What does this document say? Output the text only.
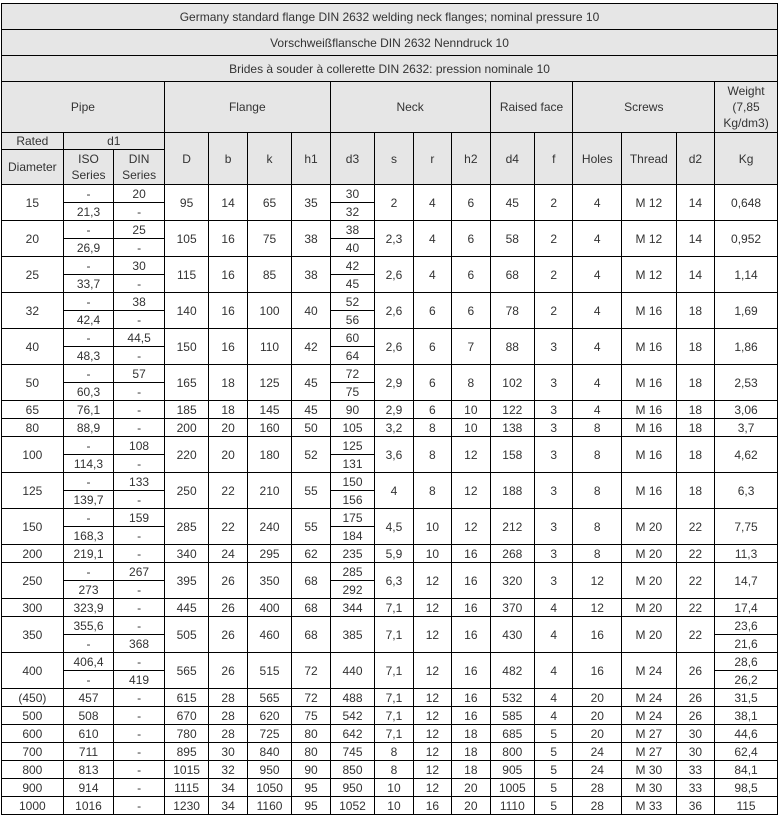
Germany standard flange DIN 2632 welding neck flanges; nominal pressure 10																
Vorschweißflansche DIN 2632 Nenndruck 10																
Brides à souder à collerette DIN 2632: pression nominale 10																
Pipe			Flange				Neck				Raised face		Screws			Weight (7,85 Kg/dm3)
Rated	d1		D	b	k	h1	d3	s	r	h2	d4	f	Holes	Thread	d2	Kg
Diameter	ISO Series	DIN Series														
15	-	20	95	14	65	35	30	2	4	6	45	2	4	M 12	14	0,648
	21,3	-					32									
20	-	25	105	16	75	38	38	2,3	4	6	58	2	4	M 12	14	0,952
	26,9	-					40									
25	-	30	115	16	85	38	42	2,6	4	6	68	2	4	M 12	14	1,14
	33,7	-					45									
32	-	38	140	16	100	40	52	2,6	6	6	78	2	4	M 16	18	1,69
	42,4	-					56									
40	-	44,5	150	16	110	42	60	2,6	6	7	88	3	4	M 16	18	1,86
	48,3	-					64									
50	-	57	165	18	125	45	72	2,9	6	8	102	3	4	M 16	18	2,53
	60,3	-					75									
65	76,1	-	185	18	145	45	90	2,9	6	10	122	3	4	M 16	18	3,06
80	88,9	-	200	20	160	50	105	3,2	8	10	138	3	8	M 16	18	3,7
100	-	108	220	20	180	52	125	3,6	8	12	158	3	8	M 16	18	4,62
	114,3	-					131									
125	-	133	250	22	210	55	150	4	8	12	188	3	8	M 16	18	6,3
	139,7	-					156									
150	-	159	285	22	240	55	175	4,5	10	12	212	3	8	M 20	22	7,75
	168,3	-					184									
200	219,1	-	340	24	295	62	235	5,9	10	16	268	3	8	M 20	22	11,3
250	-	267	395	26	350	68	285	6,3	12	16	320	3	12	M 20	22	14,7
	273	-					292									
300	323,9	-	445	26	400	68	344	7,1	12	16	370	4	12	M 20	22	17,4
350	355,6	-	505	26	460	68	385	7,1	12	16	430	4	16	M 20	22	23,6
	-	368														21,6
400	406,4	-	565	26	515	72	440	7,1	12	16	482	4	16	M 24	26	28,6
	-	419														26,2
(450)	457	-	615	28	565	72	488	7,1	12	16	532	4	20	M 24	26	31,5
500	508	-	670	28	620	75	542	7,1	12	16	585	4	20	M 24	26	38,1
600	610	-	780	28	725	80	642	7,1	12	18	685	5	20	M 27	30	44,6
700	711	-	895	30	840	80	745	8	12	18	800	5	24	M 27	30	62,4
800	813	-	1015	32	950	90	850	8	12	18	905	5	24	M 30	33	84,1
900	914	-	1115	34	1050	95	950	10	12	20	1005	5	28	M 30	33	98,5
1000	1016	-	1230	34	1160	95	1052	10	16	20	1110	5	28	M 33	36	115
